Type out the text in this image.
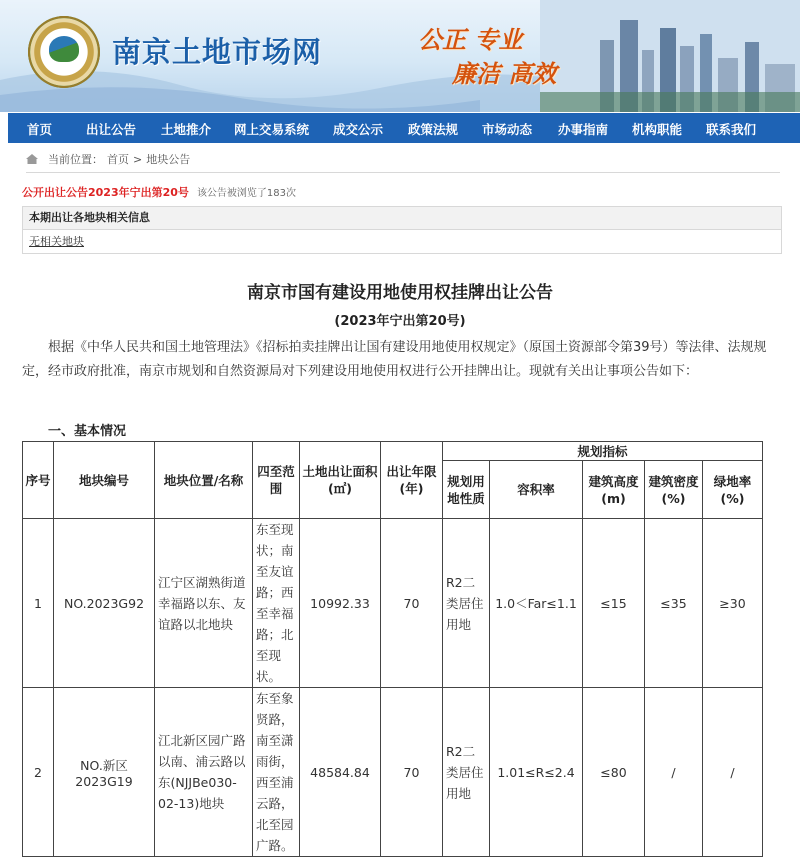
南京土地市场网	公正 专业
廉洁 高效
首页	出让公告 土地推介 网上交易系统 成交公示 政策法规 市场动态 办事指南 机构职能 联系我们
当前位置： 首页 > 地块公告
公开出让公告2023年宁出第20号 该公告被浏览了183次
本期出让各地块相关信息
无相关地块
南京市国有建设用地使用权挂牌出让公告
(2023年宁出第20号)
根据《中华人民共和国土地管理法》《招标拍卖挂牌出让国有建设用地使用权规定》（原国土资源部令第39号）等法律、法规规定，经市政府批准，南京市规划和自然资源局对下列建设用地使用权进行公开挂牌出让。现就有关出让事项公告如下：
一、基本情况
序号	地块编号	地块位置/名称	四至范围	土地出让面积(㎡)	出让年限(年)	规划指标				
						规划用地性质	容积率	建筑高度(m)	建筑密度(%)	绿地率(%)
1	NO.2023G92	江宁区湖熟街道幸福路以东、友谊路以北地块	东至现状；南至友谊路；西至幸福路；北至现状。	10992.33	70	R2二类居住用地	1.0＜Far≤1.1	≤15	≤35	≥30
2	NO.新区2023G19	江北新区园广路以南、浦云路以东(NJJBe030-02-13)地块	东至象贤路，南至潇雨街，西至浦云路，北至园广路。	48584.84	70	R2二类居住用地	1.01≤R≤2.4	≤80	/	/
